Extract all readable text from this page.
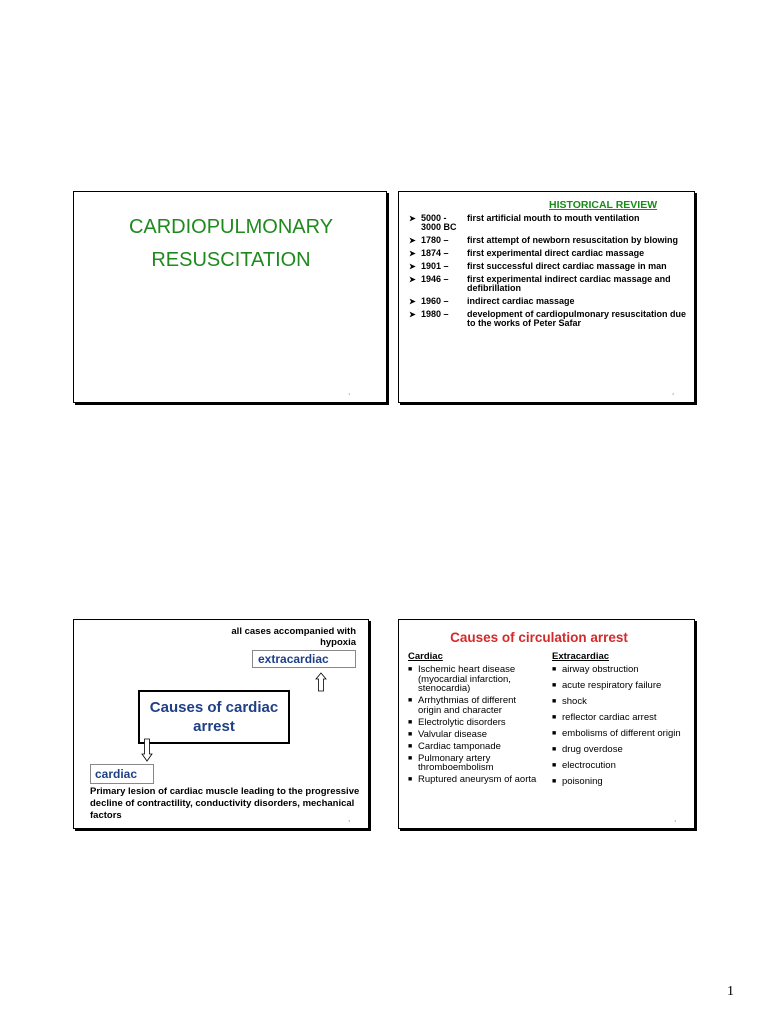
CARDIOPULMONARY
RESUSCITATION
1
HISTORICAL REVIEW
➤ 5000 - 3000 BC
first artificial mouth to mouth ventilation
➤ 1780 –	first attempt of newborn resuscitation by blowing
➤ 1874 –	first experimental direct cardiac massage
➤ 1901 –	first successful direct cardiac massage in man
➤ 1946 –	first experimental indirect cardiac massage and defibrillation
➤ 1960 –	indirect cardiac massage
➤ 1980 –	development of cardiopulmonary resuscitation due to the works of Peter Safar
2
all cases accompanied with hypoxia
extracardiac
Causes of cardiac arrest
cardiac
Primary lesion of cardiac muscle leading to the progressive decline of contractility, conductivity disorders, mechanical factors	3
Causes of circulation arrest
Cardiac
■ Ischemic heart disease (myocardial infarction, stenocardia)
■ Arrhythmias of different origin and character
■ Electrolytic disorders
■ Valvular disease
■ Cardiac tamponade
■ Pulmonary artery thromboembolism
■ Ruptured aneurysm of aorta
Extracardiac
■ airway obstruction
■ acute respiratory failure
■ shock
■ reflector cardiac arrest
■ embolisms of different origin
■ drug overdose
■ electrocution
■ poisoning
4
1
